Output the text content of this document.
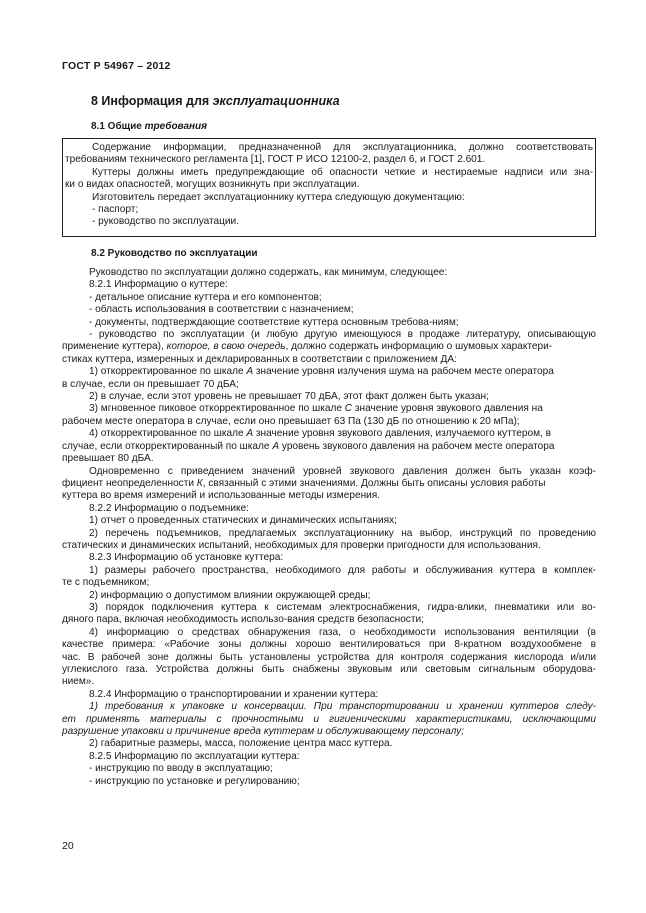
ГОСТ Р 54967 – 2012
8 Информация для эксплуатационника
8.1 Общие требования
Содержание информации, предназначенной для эксплуатационника, должно соответствовать
требованиям технического регламента [1], ГОСТ Р ИСО 12100-2, раздел 6, и ГОСТ 2.601.
Куттеры должны иметь предупреждающие об опасности четкие и нестираемые надписи или зна-
ки о видах опасностей, могущих возникнуть при эксплуатации.
Изготовитель передает эксплуатационнику куттера следующую документацию:
- паспорт;
- руководство по эксплуатации.
8.2 Руководство по эксплуатации
Руководство по эксплуатации должно содержать, как минимум, следующее:
8.2.1 Информацию о куттере:
- детальное описание куттера и его компонентов;
- область использования в соответствии с назначением;
- документы, подтверждающие соответствие куттера основным требова-ниям;
- руководство по эксплуатации (и любую другую имеющуюся в продаже литературу, описывающую
применение куттера), которое, в свою очередь, должно содержать информацию о шумовых характери-
стиках куттера, измеренных и декларированных в соответствии с приложением ДА:
1) откорректированное по шкале А значение уровня излучения шума на рабочем месте оператора
в случае, если он превышает 70 дБА;
2) в случае, если этот уровень не превышает 70 дБА, этот факт должен быть указан;
3) мгновенное пиковое откорректированное по шкале С значение уровня звукового давления на
рабочем месте оператора в случае, если оно превышает 63 Па (130 дБ по отношению к 20 мПа);
4) откорректированное по шкале А значение уровня звукового давления, излучаемого куттером, в
случае, если откорректированный по шкале А уровень звукового давления на рабочем месте оператора
превышает 80 дБА.
Одновременно с приведением значений уровней звукового давления должен быть указан коэф-
фициент неопределенности К, связанный с этими значениями. Должны быть описаны условия работы
куттера во время измерений и использованные методы измерения.
8.2.2 Информацию о подъемнике:
1) отчет о проведенных статических и динамических испытаниях;
2) перечень подъемников, предлагаемых эксплуатационнику на выбор, инструкций по проведению
статических и динамических испытаний, необходимых для проверки пригодности для использования.
8.2.3 Информацию об установке куттера:
1) размеры рабочего пространства, необходимого для работы и обслуживания куттера в комплек-
те с подъемником;
2) информацию о допустимом влиянии окружающей среды;
3) порядок подключения куттера к системам электроснабжения, гидра-влики, пневматики или во-
дяного пара, включая необходимость использо-вания средств безопасности;
4) информацию о средствах обнаружения газа, о необходимости использования вентиляции (в
качестве примера: «Рабочие зоны должны хорошо вентилироваться при 8-кратном воздухообмене в
час. В рабочей зоне должны быть установлены устройства для контроля содержания кислорода и/или
углекислого газа. Устройства должны быть снабжены звуковым или световым сигнальным оборудова-
нием».
8.2.4 Информацию о транспортировании и хранении куттера:
1) требования к упаковке и консервации. При транспортировании и хранении куттеров следу-
ет применять материалы с прочностными и гигиеническими характеристиками, исключающими
разрушение упаковки и причинение вреда куттерам и обслуживающему персоналу;
2) габаритные размеры, масса, положение центра масс куттера.
8.2.5 Информацию по эксплуатации куттера:
- инструкцию по вводу в эксплуатацию;
- инструкцию по установке и регулированию;
20
